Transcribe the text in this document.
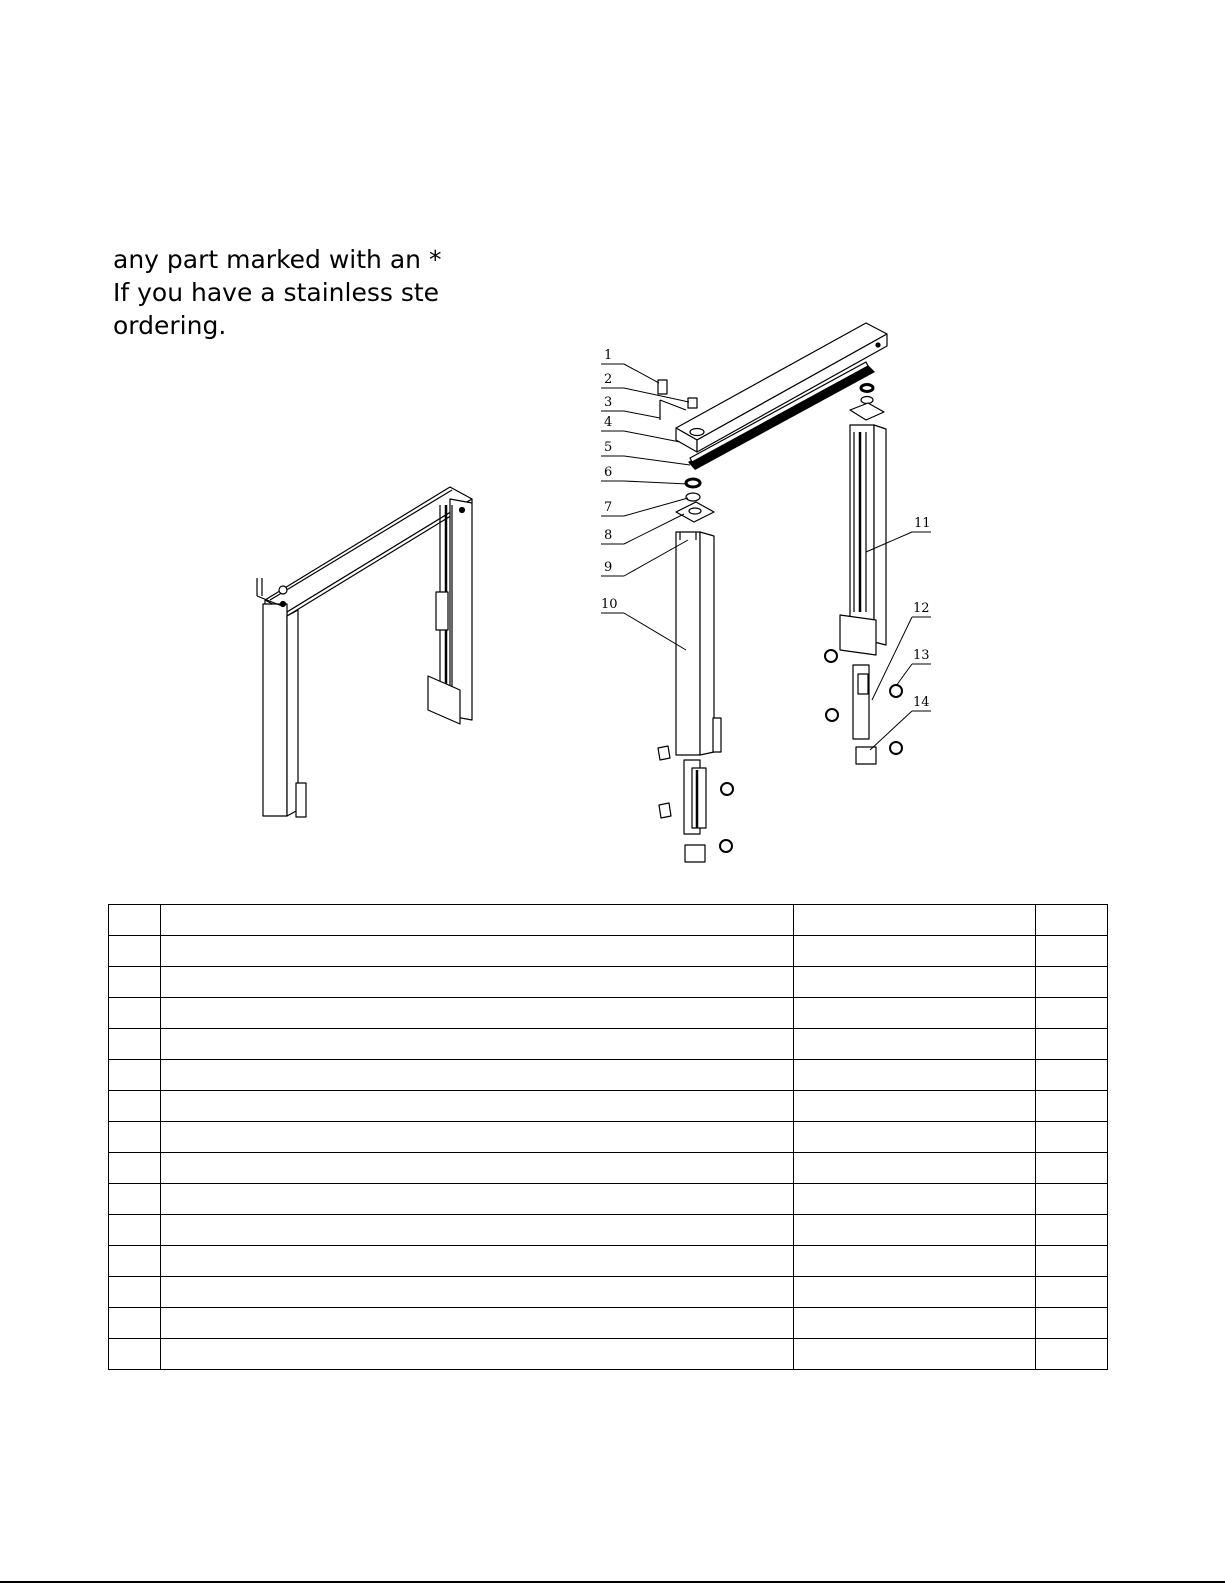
any part marked with an *

If you have a stainless ste

ordering.

1
2
3
4
5
6
7
8
9
10
11
12
13
14
